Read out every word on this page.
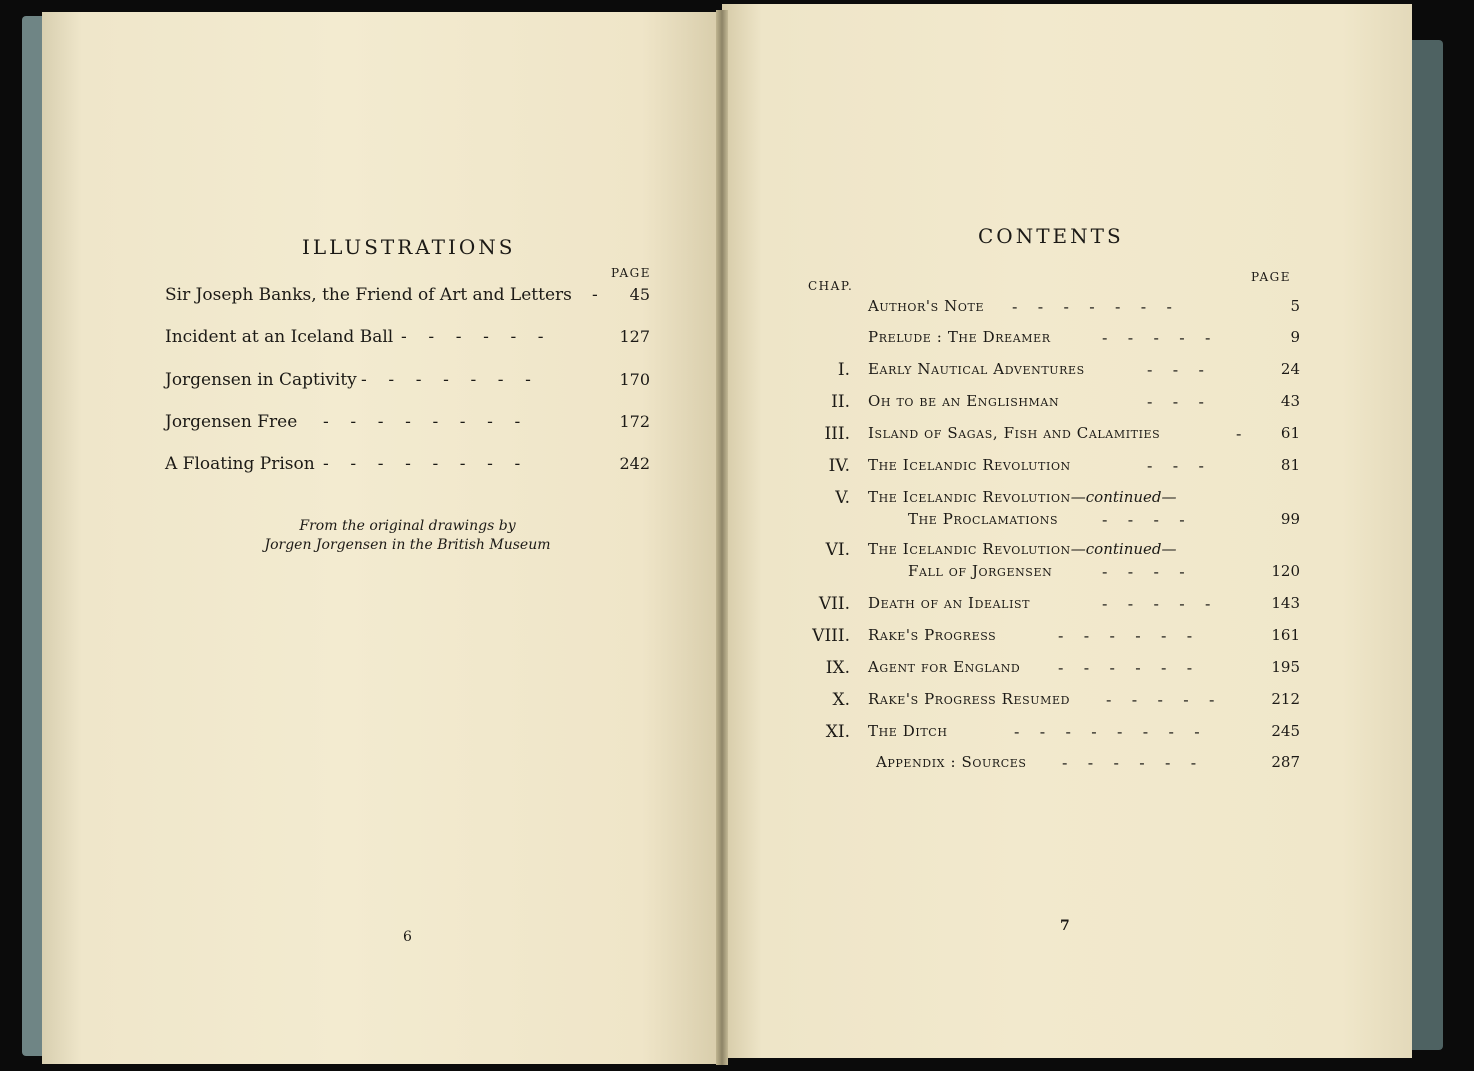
ILLUSTRATIONS
PAGE
Sir Joseph Banks, the Friend of Art and Letters - 45
Incident at an Iceland Ball -    -    -    -    -    -	127
Jorgensen in Captivity -    -    -    -    -    -    -	170
Jorgensen Free -    -    -    -    -    -    -    -	172
A Floating Prison -    -    -    -    -    -    -    -	242
From the original drawings by
Jorgen Jorgensen in the British Museum
6
CONTENTS
CHAP.
PAGE
Author's Note -    -    -    -    -    -    -	5
Prelude : The Dreamer	-    -    -    -    -	9
I. Early Nautical Adventures	-    -    -	24
II. Oh to be an Englishman	-    -    -	43
III. Island of Sagas, Fish and Calamities	-	61
IV. The Icelandic Revolution	-    -    -	81
V. The Icelandic Revolution—continued—
The Proclamations	-    -    -    -	99
VI. The Icelandic Revolution—continued—
Fall of Jorgensen	-    -    -    -	120
VII. Death of an Idealist	-    -    -    -    -	143
VIII. Rake's Progress	-    -    -    -    -    -	161
IX. Agent for England -    -    -    -    -    -	195
X. Rake's Progress Resumed -    -    -    -    -	212
XI. The Ditch	-    -    -    -    -    -    -    -	245
Appendix : Sources -    -    -    -    -    -	287
7
